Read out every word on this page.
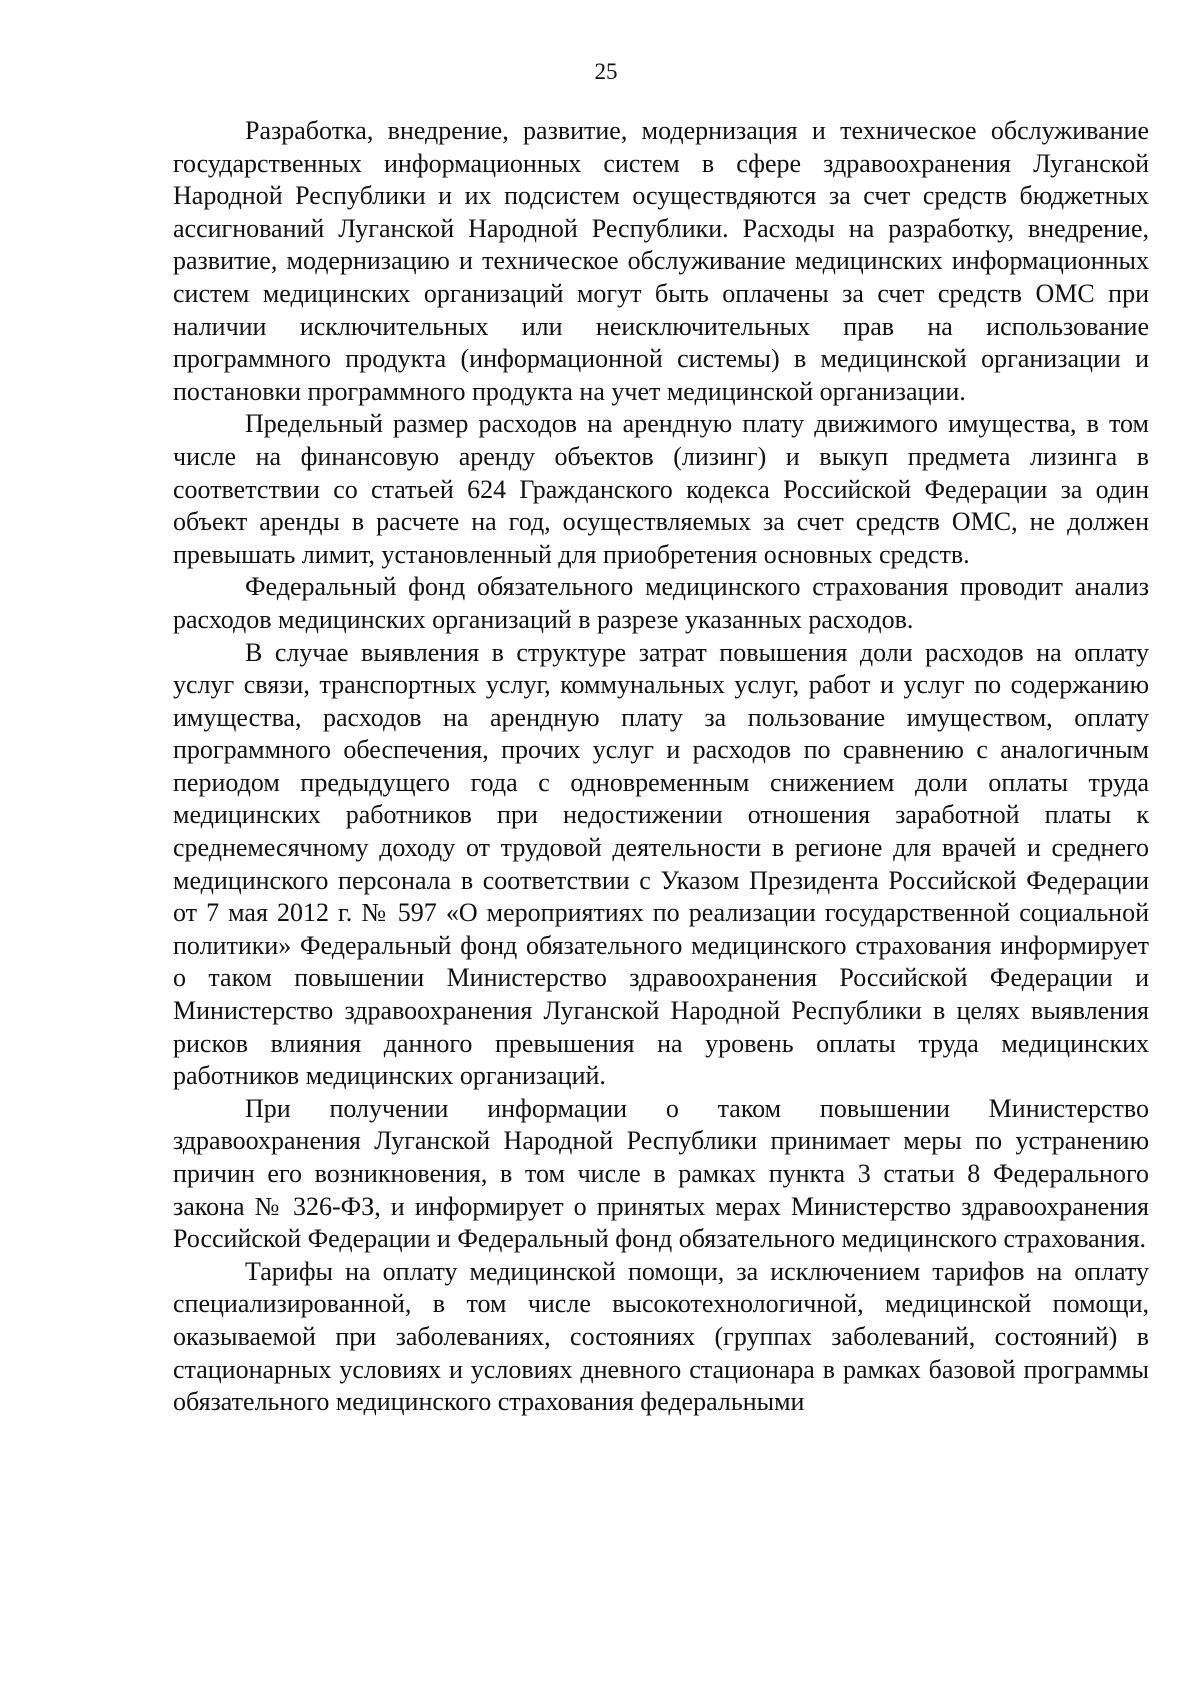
25

Разработка, внедрение, развитие, модернизация и техническое обслуживание государственных информационных систем в сфере здравоохранения Луганской Народной Республики и их подсистем осуществдяются за счет средств бюджетных ассигнований Луганской Народной Республики. Расходы на разработку, внедрение, развитие, модернизацию и техническое обслуживание медицинских информационных систем медицинских организаций могут быть оплачены за счет средств ОМС при наличии исключительных или неисключительных прав на использование программного продукта (информационной системы) в медицинской организации и постановки программного продукта на учет медицинской организации.

Предельный размер расходов на арендную плату движимого имущества, в том числе на финансовую аренду объектов (лизинг) и выкуп предмета лизинга в соответствии со статьей 624 Гражданского кодекса Российской Федерации за один объект аренды в расчете на год, осуществляемых за счет средств ОМС, не должен превышать лимит, установленный для приобретения основных средств.

Федеральный фонд обязательного медицинского страхования проводит анализ расходов медицинских организаций в разрезе указанных расходов.

В случае выявления в структуре затрат повышения доли расходов на оплату услуг связи, транспортных услуг, коммунальных услуг, работ и услуг по содержанию имущества, расходов на арендную плату за пользование имуществом, оплату программного обеспечения, прочих услуг и расходов по сравнению с аналогичным периодом предыдущего года с одновременным снижением доли оплаты труда медицинских работников при недостижении отношения заработной платы к среднемесячному доходу от трудовой деятельности в регионе для врачей и среднего медицинского персонала в соответствии с Указом Президента Российской Федерации от 7 мая 2012 г. № 597 «О мероприятиях по реализации государственной социальной политики» Федеральный фонд обязательного медицинского страхования информирует о таком повышении Министерство здравоохранения Российской Федерации и Министерство здравоохранения Луганской Народной Республики в целях выявления рисков влияния данного превышения на уровень оплаты труда медицинских работников медицинских организаций.

При получении информации о таком повышении Министерство здравоохранения Луганской Народной Республики принимает меры по устранению причин его возникновения, в том числе в рамках пункта 3 статьи 8 Федерального закона № 326-ФЗ, и информирует о принятых мерах Министерство здравоохранения Российской Федерации и Федеральный фонд обязательного медицинского страхования.

Тарифы на оплату медицинской помощи, за исключением тарифов на оплату специализированной, в том числе высокотехнологичной, медицинской помощи, оказываемой при заболеваниях, состояниях (группах заболеваний, состояний) в стационарных условиях и условиях дневного стационара в рамках базовой программы обязательного медицинского страхования федеральными
